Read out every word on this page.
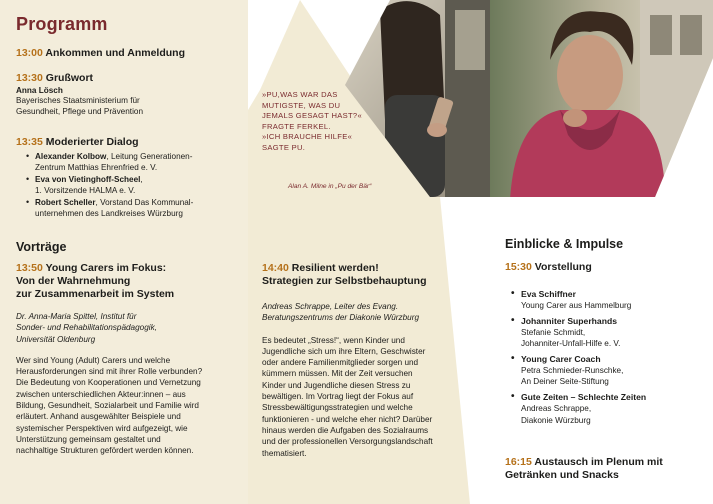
Programm
13:00 Ankommen und Anmeldung
13:30 Grußwort
Anna Lösch
Bayerisches Staatsministerium für
Gesundheit, Pflege und Prävention
13:35 Moderierter Dialog
• Alexander Kolbow, Leitung Generationen-
Zentrum Matthias Ehrenfried e. V.
• Eva von Vietinghoff-Scheel,
1. Vorsitzende HALMA e. V.
• Robert Scheller, Vorstand Das Kommunal-
unternehmen des Landkreises Würzburg
Vorträge
13:50 Young Carers im Fokus:
Von der Wahrnehmung
zur Zusammenarbeit im System
Dr. Anna-Maria Spittel, Institut für
Sonder- und Rehabilitationspädagogik,
Universität Oldenburg
Wer sind Young (Adult) Carers und welche
Herausforderungen sind mit ihrer Rolle verbunden?
Die Bedeutung von Kooperationen und Vernetzung
zwischen unterschiedlichen Akteur:innen – aus
Bildung, Gesundheit, Sozialarbeit und Familie wird
erläutert. Anhand ausgewählter Beispiele und
systemischer Perspektiven wird aufgezeigt, wie
Unterstützung gemeinsam gestaltet und
nachhaltige Strukturen gefördert werden können.
»PU,WAS WAR DAS
MUTIGSTE, WAS DU
JEMALS GESAGT HAST?«
FRAGTE FERKEL.
»ICH BRAUCHE HILFE«
SAGTE PU.
Alan A. Milne in „Pu der Bär“
14:40 Resilient werden!
Strategien zur Selbstbehauptung
Andreas Schrappe, Leiter des Evang.
Beratungszentrums der Diakonie Würzburg
Es bedeutet „Stress!“, wenn Kinder und
Jugendliche sich um ihre Eltern, Geschwister
oder andere Familienmitglieder sorgen und
kümmern müssen. Mit der Zeit versuchen
Kinder und Jugendliche diesen Stress zu
bewältigen. Im Vortrag liegt der Fokus auf
Stressbewältigungsstrategien und welche
funktionieren - und welche eher nicht? Darüber
hinaus werden die Aufgaben des Sozialraums
und der professionellen Versorgungslandschaft
thematisiert.
Einblicke & Impulse
15:30 Vorstellung
• Eva Schiffner
Young Carer aus Hammelburg
• Johanniter Superhands
Stefanie Schmidt,
Johanniter-Unfall-Hilfe e. V.
• Young Carer Coach
Petra Schmieder-Runschke,
An Deiner Seite-Stiftung
• Gute Zeiten – Schlechte Zeiten
Andreas Schrappe,
Diakonie Würzburg
16:15 Austausch im Plenum mit
Getränken und Snacks
